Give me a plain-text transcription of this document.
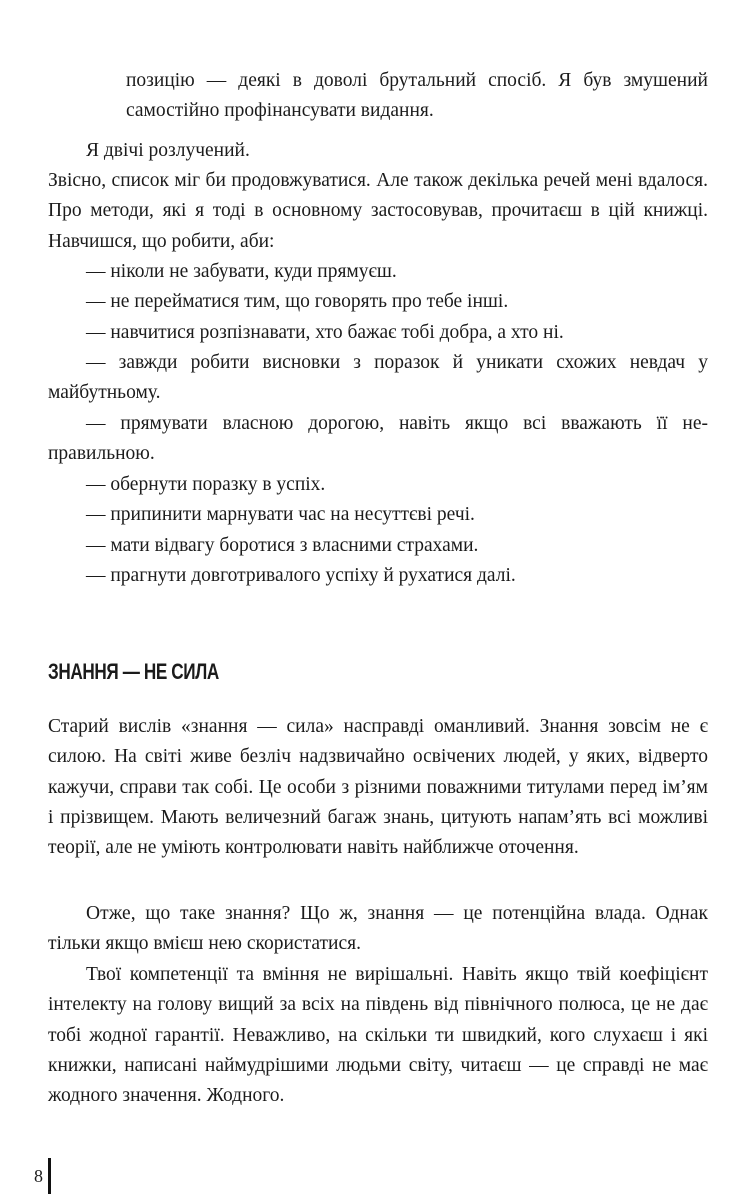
позицію — деякі в доволі брутальний спосіб. Я був змушений самостійно профінансувати видання.

Я двічі розлучений.

Звісно, список міг би продовжуватися. Але також декілька речей мені вдалося. Про методи, які я тоді в основному застосовував, прочитаєш в цій книжці. Навчишся, що робити, аби:

— ніколи не забувати, куди прямуєш.

— не перейматися тим, що говорять про тебе інші.

— навчитися розпізнавати, хто бажає тобі добра, а хто ні.

— завжди робити висновки з поразок й уникати схожих невдач у майбутньому.

— прямувати власною дорогою, навіть якщо всі вважають її неправильною.

— обернути поразку в успіх.

— припинити марнувати час на несуттєві речі.

— мати відвагу боротися з власними страхами.

— прагнути довготривалого успіху й рухатися далі.

ЗНАННЯ — НЕ СИЛА

Старий вислів «знання — сила» насправді оманливий. Знання зовсім не є силою. На світі живе безліч надзвичайно освічених людей, у яких, відверто кажучи, справи так собі. Це особи з різними поважними титулами перед ім’ям і прізвищем. Мають величезний багаж знань, цитують напам’ять всі можливі теорії, але не уміють контролювати навіть найближче оточення.

Отже, що таке знання? Що ж, знання — це потенційна влада. Однак тільки якщо вмієш нею скористатися.

Твої компетенції та вміння не вирішальні. Навіть якщо твій коефіцієнт інтелекту на голову вищий за всіх на південь від північного полюса, це не дає тобі жодної гарантії. Неважливо, на скільки ти швидкий, кого слухаєш і які книжки, написані наймудрішими людьми світу, читаєш — це справді не має жодного значення. Жодного.

8
